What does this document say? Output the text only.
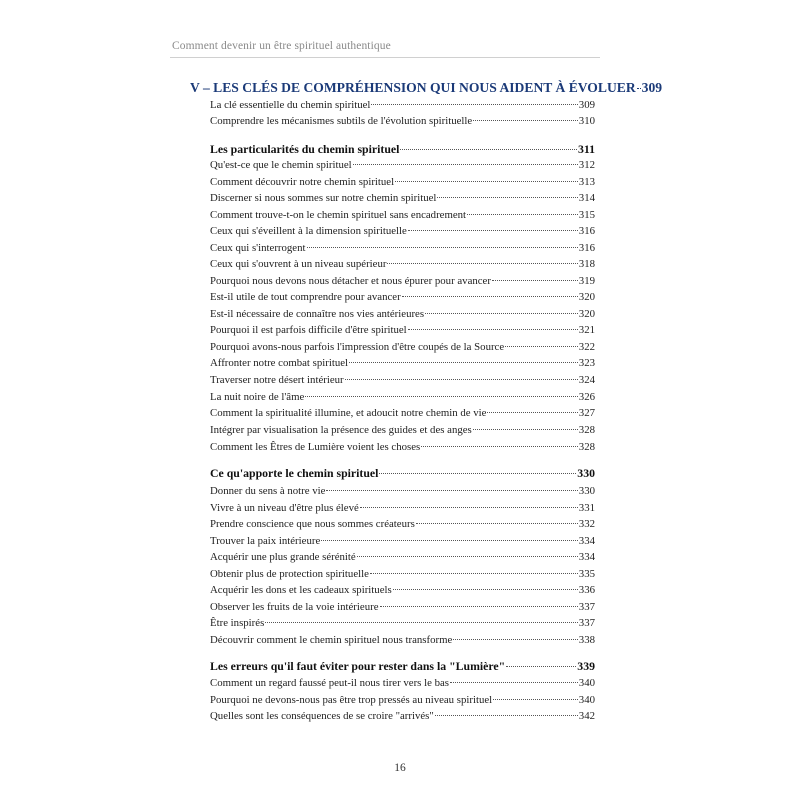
Comment devenir un être spirituel authentique
V – LES CLÉS DE COMPRÉHENSION QUI NOUS AIDENT À ÉVOLUER 309
La clé essentielle du chemin spirituel	309
Comprendre les mécanismes subtils de l'évolution spirituelle	310
Les particularités du chemin spirituel	311
Qu'est-ce que le chemin spirituel	312
Comment découvrir notre chemin spirituel	313
Discerner si nous sommes sur notre chemin spirituel	314
Comment trouve-t-on le chemin spirituel sans encadrement	315
Ceux qui s'éveillent à la dimension spirituelle	316
Ceux qui s'interrogent	316
Ceux qui s'ouvrent à un niveau supérieur	318
Pourquoi nous devons nous détacher et nous épurer pour avancer	319
Est-il utile de tout comprendre pour avancer	320
Est-il nécessaire de connaître nos vies antérieures	320
Pourquoi il est parfois difficile d'être spirituel	321
Pourquoi avons-nous parfois l'impression d'être coupés de la Source	322
Affronter notre combat spirituel	323
Traverser notre désert intérieur	324
La nuit noire de l'âme	326
Comment la spiritualité illumine, et adoucit notre chemin de vie	327
Intégrer par visualisation la présence des guides et des anges	328
Comment les Êtres de Lumière voient les choses	328
Ce qu'apporte le chemin spirituel	330
Donner du sens à notre vie	330
Vivre à un niveau d'être plus élevé	331
Prendre conscience que nous sommes créateurs	332
Trouver la paix intérieure	334
Acquérir une plus grande sérénité	334
Obtenir plus de protection spirituelle	335
Acquérir les dons et les cadeaux spirituels	336
Observer les fruits de la voie intérieure	337
Être inspirés	337
Découvrir comment le chemin spirituel nous transforme	338
Les erreurs qu'il faut éviter pour rester dans la "Lumière"	339
Comment un regard faussé peut-il nous tirer vers le bas	340
Pourquoi ne devons-nous pas être trop pressés au niveau spirituel	340
Quelles sont les conséquences de se croire "arrivés"	342
16
